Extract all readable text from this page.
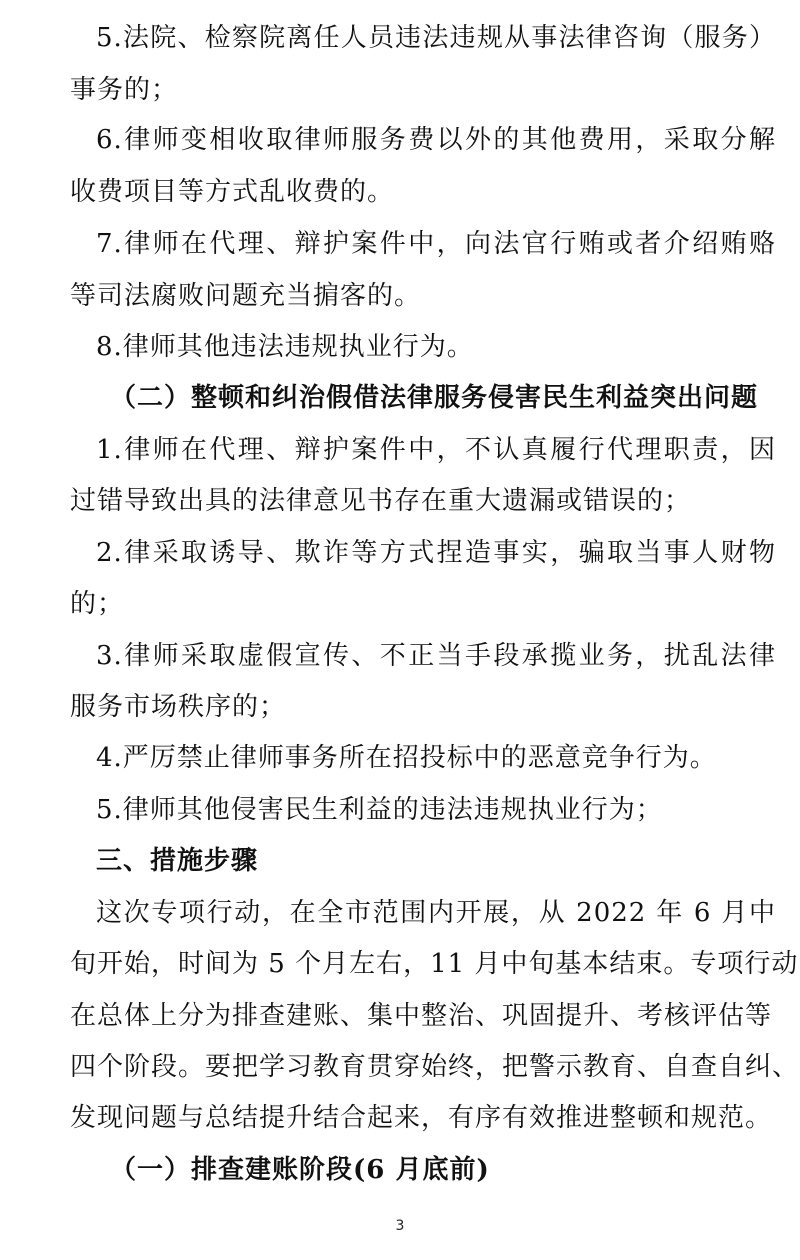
5.法院、检察院离任人员违法违规从事法律咨询（服务）
事务的；
6.律师变相收取律师服务费以外的其他费用，采取分解
收费项目等方式乱收费的。
7.律师在代理、辩护案件中，向法官行贿或者介绍贿赂
等司法腐败问题充当掮客的。
8.律师其他违法违规执业行为。
（二）整顿和纠治假借法律服务侵害民生利益突出问题
1.律师在代理、辩护案件中，不认真履行代理职责，因
过错导致出具的法律意见书存在重大遗漏或错误的；
2.律采取诱导、欺诈等方式捏造事实，骗取当事人财物
的；
3.律师采取虚假宣传、不正当手段承揽业务，扰乱法律
服务市场秩序的；
4.严厉禁止律师事务所在招投标中的恶意竞争行为。
5.律师其他侵害民生利益的违法违规执业行为；
三、措施步骤
这次专项行动，在全市范围内开展，从 2022 年 6 月中
旬开始，时间为 5 个月左右，11 月中旬基本结束。专项行动
在总体上分为排查建账、集中整治、巩固提升、考核评估等
四个阶段。要把学习教育贯穿始终，把警示教育、自查自纠、
发现问题与总结提升结合起来，有序有效推进整顿和规范。
（一）排查建账阶段(6 月底前)
3
